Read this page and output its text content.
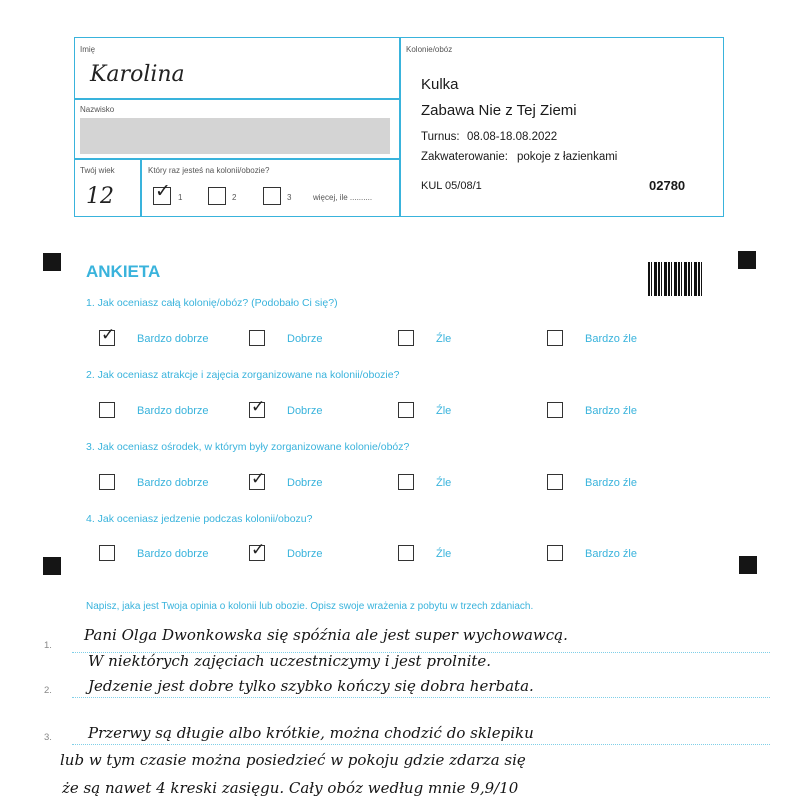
Imię
Karolina
Nazwisko
Twój wiek
12
Który raz jesteś na kolonii/obozie?
✓ 1	2	3	więcej, ile ..........
Kolonie/obóz
Kulka
Zabawa Nie z Tej Ziemi
Turnus: 08.08-18.08.2022
Zakwaterowanie: pokoje z łazienkami
KUL 05/08/1	02780
ANKIETA
1. Jak oceniasz całą kolonię/obóz? (Podobało Ci się?)
✓ Bardzo dobrze	Dobrze	Źle	Bardzo źle
2. Jak oceniasz atrakcje i zajęcia zorganizowane na kolonii/obozie?
Bardzo dobrze ✓ Dobrze	Źle	Bardzo źle
3. Jak oceniasz ośrodek, w którym były zorganizowane kolonie/obóz?
Bardzo dobrze ✓ Dobrze	Źle	Bardzo źle
4. Jak oceniasz jedzenie podczas kolonii/obozu?
Bardzo dobrze ✓ Dobrze	Źle	Bardzo źle
Napisz, jaka jest Twoja opinia o kolonii lub obozie. Opisz swoje wrażenia z pobytu w trzech zdaniach.
1.
2.
3.
Pani Olga Dwonkowska się spóźnia ale jest super wychowawcą.
W niektórych zajęciach uczestniczymy i jest prolnite.
Jedzenie jest dobre tylko szybko kończy się dobra herbata.
Przerwy są długie albo krótkie, można chodzić do sklepiku
lub w tym czasie można posiedzieć w pokoju gdzie zdarza się
że są nawet 4 kreski zasięgu. Cały obóz według mnie 9,9/10
